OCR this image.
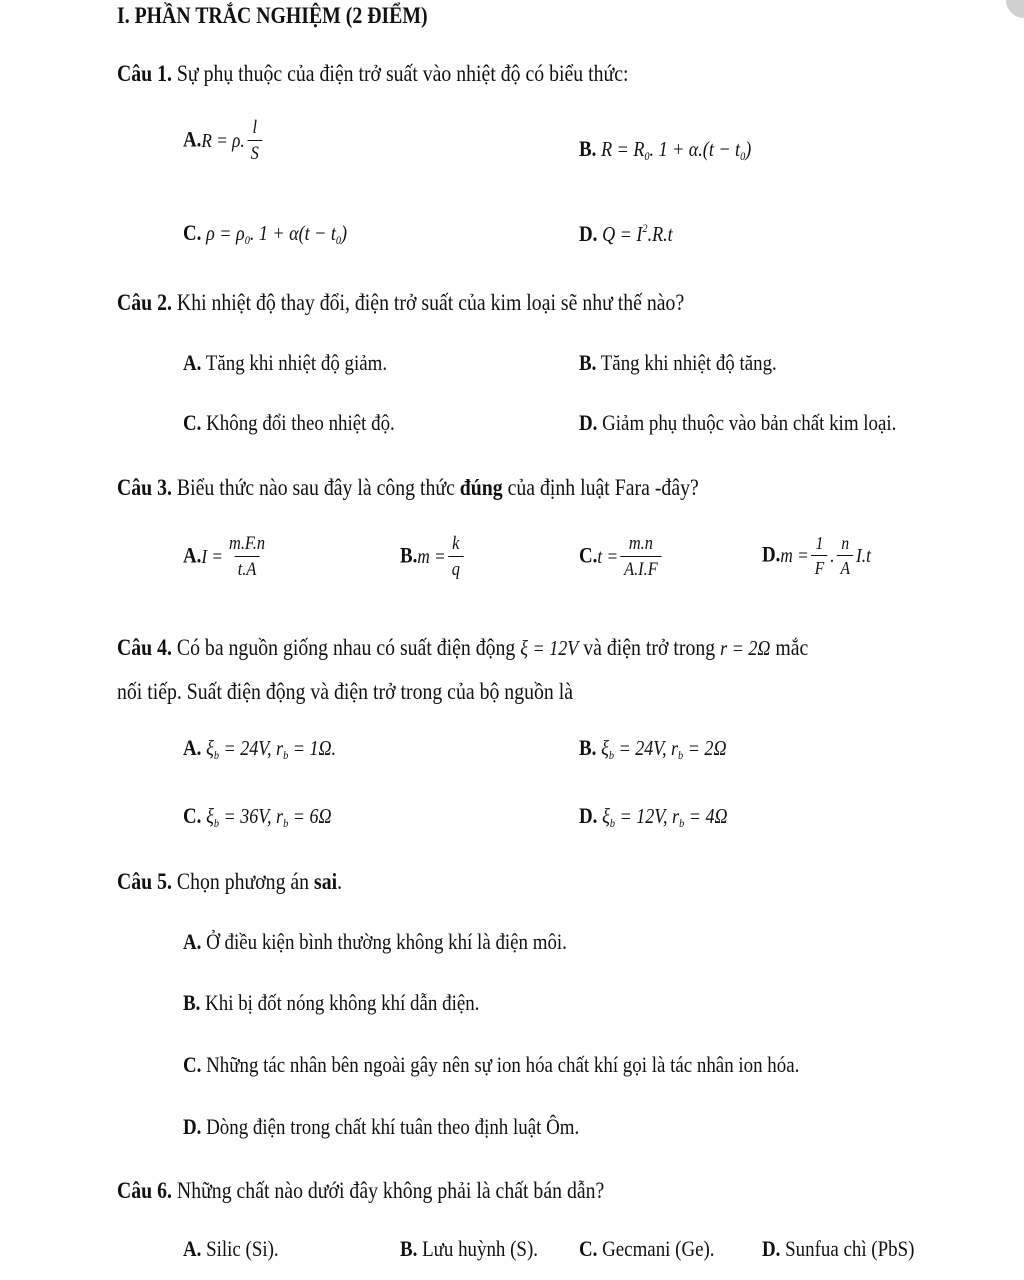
I. PHẦN TRẮC NGHIỆM (2 ĐIỂM)
Câu 1. Sự phụ thuộc của điện trở suất vào nhiệt độ có biểu thức:
A. R = ρ. $\frac{l}{S}$	B. $R = R_0$. $1 + \alpha.(t - t_0)$
C. $\rho = \rho_0$. $1 + \alpha(t - t_0)$	D. $Q = I^2.R.t$
Câu 2. Khi nhiệt độ thay đổi, điện trở suất của kim loại sẽ như thế nào?
A. Tăng khi nhiệt độ giảm.	B. Tăng khi nhiệt độ tăng.
C. Không đổi theo nhiệt độ.	D. Giảm phụ thuộc vào bản chất kim loại.
Câu 3. Biểu thức nào sau đây là công thức đúng của định luật Fara -đây?
A. $I = \frac{m.F.n}{t.A}$	B. $m = \frac{k}{q}$	C. $t = \frac{m.n}{A.I.F}$	D. $m = \frac{1}{F}$ . $\frac{n}{A} I.t$
Câu 4. Có ba nguồn giống nhau có suất điện động ξ = 12V và điện trở trong r = 2Ω mắc
nối tiếp. Suất điện động và điện trở trong của bộ nguồn là
A. $\xi_b = 24V$, $r_b = 1\Omega$.	B. $\xi_b = 24V$, $r_b = 2\Omega$
C. $\xi_b = 36V$, $r_b = 6\Omega$	D. $\xi_b = 12V$, $r_b = 4\Omega$
Câu 5. Chọn phương án sai.
A. Ở điều kiện bình thường không khí là điện môi.
B. Khi bị đốt nóng không khí dẫn điện.
C. Những tác nhân bên ngoài gây nên sự ion hóa chất khí gọi là tác nhân ion hóa.
D. Dòng điện trong chất khí tuân theo định luật Ôm.
Câu 6. Những chất nào dưới đây không phải là chất bán dẫn?
A. Silic (Si).	B. Lưu huỳnh (S). C. Gecmani (Ge). D. Sunfua chì (PbS)
